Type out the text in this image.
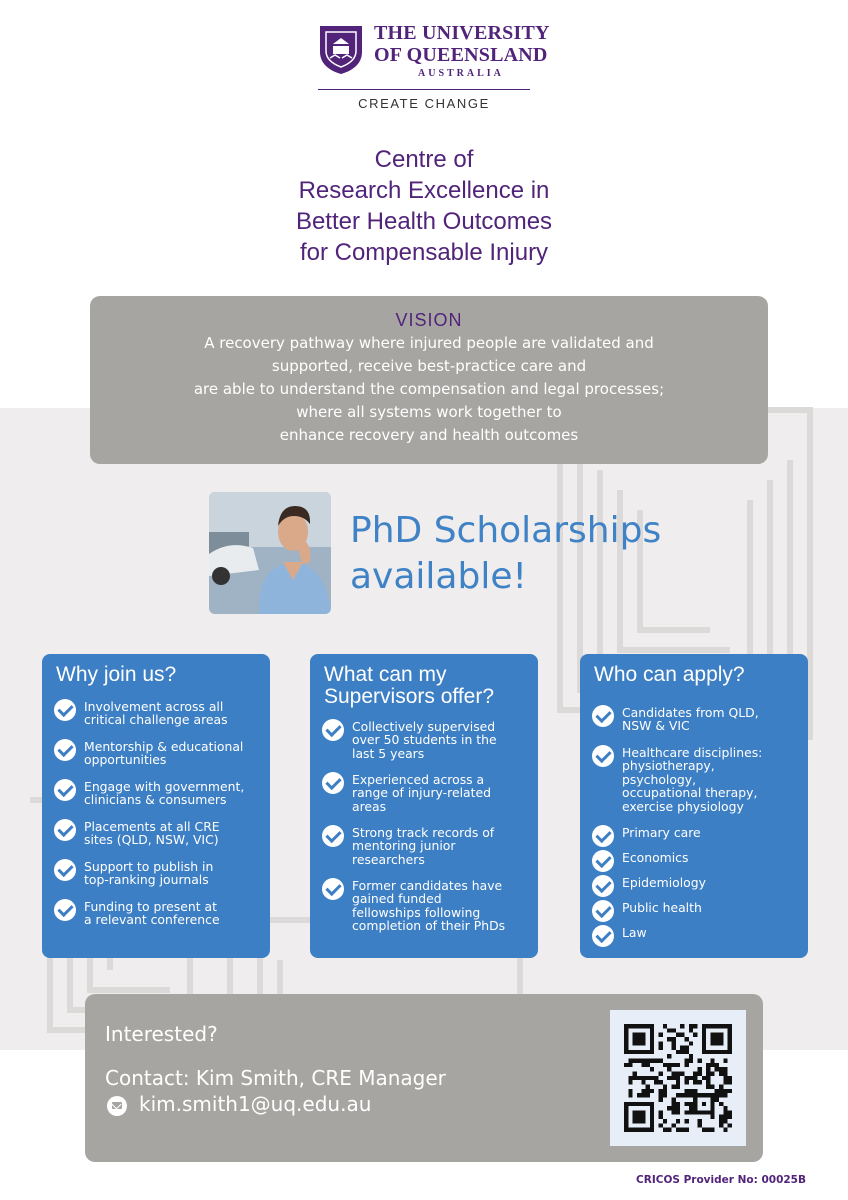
THE UNIVERSITY
OF QUEENSLAND
AUSTRALIA
CREATE CHANGE
Centre of
Research Excellence in
Better Health Outcomes
for Compensable Injury
VISION
A recovery pathway where injured people are validated and
supported, receive best-practice care and
are able to understand the compensation and legal processes;
where all systems work together to
enhance recovery and health outcomes
PhD Scholarships
available!
Why join us?
Involvement across all
critical challenge areas
Mentorship & educational
opportunities
Engage with government,
clinicians & consumers
Placements at all CRE
sites (QLD, NSW, VIC)
Support to publish in
top-ranking journals
Funding to present at
a relevant conference
What can my
Supervisors offer?
Collectively supervised
over 50 students in the
last 5 years
Experienced across a
range of injury-related
areas
Strong track records of
mentoring junior
researchers
Former candidates have
gained funded
fellowships following
completion of their PhDs
Who can apply?
Candidates from QLD,
NSW & VIC
Healthcare disciplines:
physiotherapy,
psychology,
occupational therapy,
exercise physiology
Primary care
Economics
Epidemiology
Public health
Law
Interested?
Contact: Kim Smith, CRE Manager
kim.smith1@uq.edu.au
CRICOS Provider No: 00025B
